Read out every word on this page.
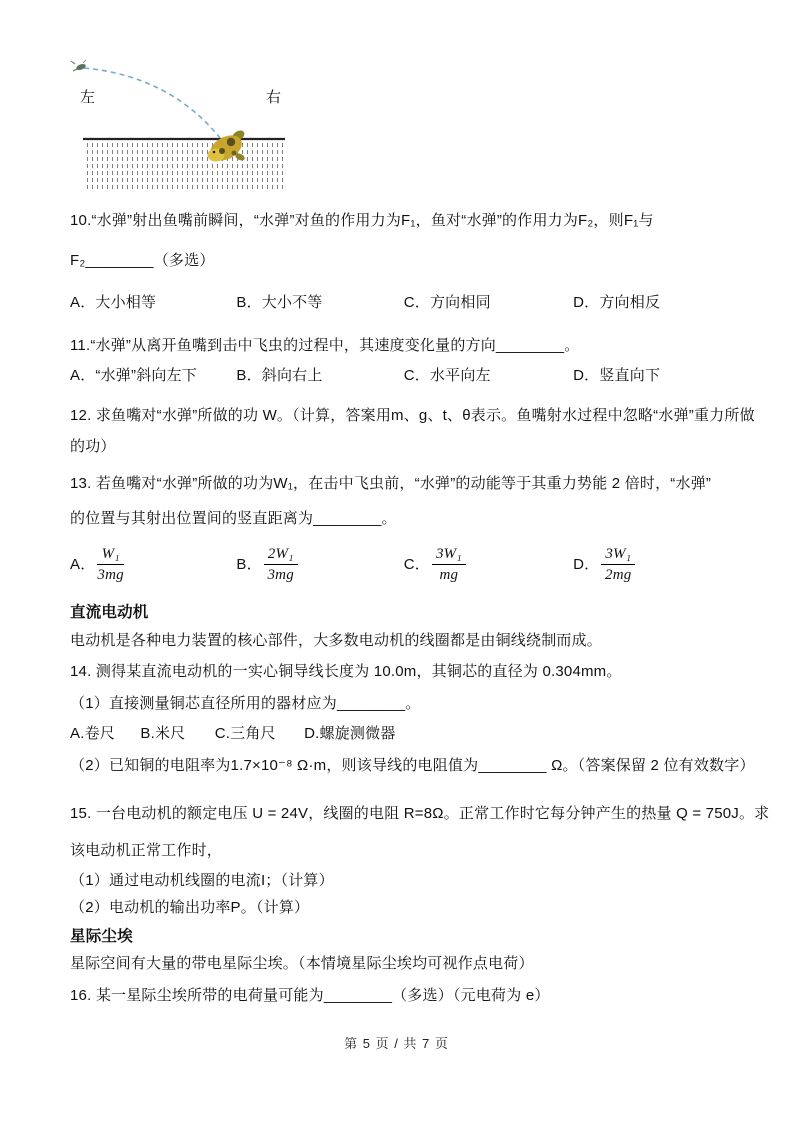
左	右

10.“水弹”射出鱼嘴前瞬间，“水弹”对鱼的作用力为F₁，鱼对“水弹”的作用力为F₂，则F₁与

F₂________（多选）

A．大小相等	B．大小不等	C．方向相同	D．方向相反

11.“水弹”从离开鱼嘴到击中飞虫的过程中，其速度变化量的方向________。

A．“水弹”斜向左下	B．斜向右上	C．水平向左	D．竖直向下

12. 求鱼嘴对“水弹”所做的功 W。（计算，答案用m、g、t、θ表示。鱼嘴射水过程中忽略“水弹”重力所做

的功）

13. 若鱼嘴对“水弹”所做的功为W₁，在击中飞虫前，“水弹”的动能等于其重力势能 2 倍时，“水弹”

的位置与其射出位置间的竖直距离为________。

A． $\frac{\text{W₁}}{3mg}$	B． $\frac{\text{2W₁}}{3mg}$	C． $\frac{\text{3W₁}}{mg}$	D． $\frac{\text{3W₁}}{2mg}$

直流电动机

电动机是各种电力装置的核心部件，大多数电动机的线圈都是由铜线绕制而成。

14. 测得某直流电动机的一实心铜导线长度为 10.0m，其铜芯的直径为 0.304mm。

（1）直接测量铜芯直径所用的器材应为________。

A.卷尺 B.米尺 C.三角尺 D.螺旋测微器

（2）已知铜的电阻率为1.7×10⁻⁸ Ω·m，则该导线的电阻值为________ Ω。（答案保留 2 位有效数字）

15. 一台电动机的额定电压 U = 24V，线圈的电阻 R=8Ω。正常工作时它每分钟产生的热量 Q = 750J。求

该电动机正常工作时，

（1）通过电动机线圈的电流I；（计算）

（2）电动机的输出功率P。（计算）

星际尘埃

星际空间有大量的带电星际尘埃。（本情境星际尘埃均可视作点电荷）

16. 某一星际尘埃所带的电荷量可能为________（多选）（元电荷为 e）

第 5 页 / 共 7 页
